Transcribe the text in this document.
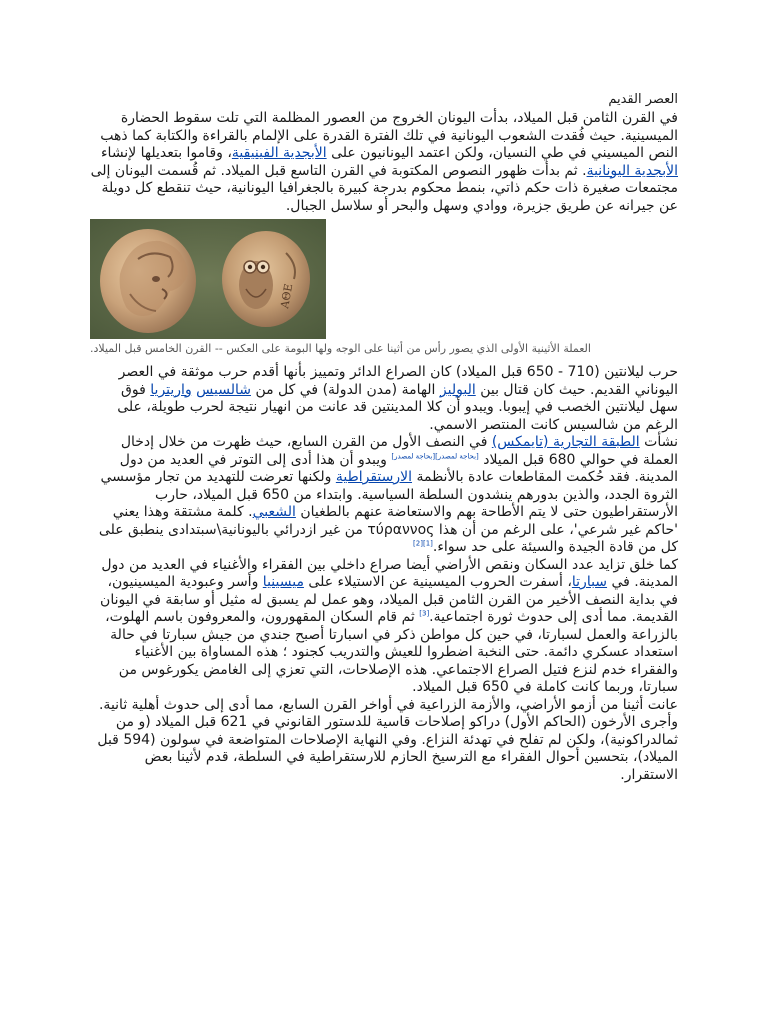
العصر القديم

في القرن الثامن قبل الميلاد، بدأت اليونان الخروج من العصور المظلمة التي تلت سقوط الحضارة الميسينية. حيث فُقدت الشعوب اليونانية في تلك الفترة القدرة على الإلمام بالقراءة والكتابة كما ذهب النص الميسيني في طي النسيان، ولكن اعتمد اليونانيون على الأبجدية الفينيقية، وقاموا بتعديلها لإنشاء الأبجدية اليونانية. ثم بدأت ظهور النصوص المكتوبة في القرن التاسع قبل الميلاد. ثم قُسمت اليونان إلى مجتمعات صغيرة ذات حكم ذاتي، بنمط محكوم بدرجة كبيرة بالجغرافيا اليونانية، حيث تنقطع كل دويلة عن جيرانه عن طريق جزيرة، ووادي وسهل والبحر أو سلاسل الجبال.

ΑΘΕ
العملة الأثينية الأولى الذي يصور رأس من أثينا على الوجه ولها البومة على العكس -- القرن الخامس قبل الميلاد.

حرب ليلانتين (710 - 650 قبل الميلاد) كان الصراع الدائر وتمييز بأنها أقدم حرب موثقة في العصر اليوناني القديم. حيث كان قتال بين البوليز الهامة (مدن الدولة) في كل من شالسيس واريتريا فوق سهل ليلانتين الخصب في إيبوبا. ويبدو أن كلا المدينتين قد عانت من انهيار نتيجة لحرب طويلة، على الرغم من شالسيس كانت المنتصر الاسمي.

نشأت الطبقة التجارية (تايمكس) في النصف الأول من القرن السابع، حيث ظهرت من خلال إدخال العملة في حوالي 680 قبل الميلاد [بحاجة لمصدر][بحاجة لمصدر] ويبدو أن هذا أدى إلى التوتر في العديد من دول المدينة. فقد حُكمت المقاطعات عادة بالأنظمة الارستقراطية ولكنها تعرضت للتهديد من تجار مؤسسي الثروة الجدد، والذين بدورهم ينشدون السلطة السياسية. وابتداء من 650 قبل الميلاد، حارب الأرستقراطيون حتى لا يتم الأطاحة بهم والاستعاضة عنهم بالطغيان الشعبي. كلمة مشتقة وهذا يعني 'حاكم غير شرعي'، على الرغم من أن هذا τύραννος من غير ازدرائي باليونانية\سبتدادى ينطبق على كل من قادة الجيدة والسيئة على حد سواء.[1][2]

كما خلق تزايد عدد السكان ونقص الأراضي أيضا صراع داخلي بين الفقراء والأغنياء في العديد من دول المدينة. في سبارتا، أسفرت الحروب الميسينية عن الاستيلاء على ميسينيا وأسر وعبودية الميسينيون، في بداية النصف الأخير من القرن الثامن قبل الميلاد، وهو عمل لم يسبق له مثيل أو سابقة في اليونان القديمة. مما أدى إلى حدوث ثورة اجتماعية.[3] ثم قام السكان المقهورون، والمعروفون باسم الهلوت، بالزراعة والعمل لسبارتا، في حين كل مواطن ذكر في اسبارتا أصبح جندي من جيش سبارتا في حالة استعداد عسكري دائمة. حتى النخبة اضطروا للعيش والتدريب كجنود ؛ هذه المساواة بين الأغنياء والفقراء خدم لنزع فتيل الصراع الاجتماعي. هذه الإصلاحات، التي تعزي إلى الغامض يكورغوس من سبارتا، وربما كانت كاملة في 650 قبل الميلاد.

عانت أثينا من أزمو الأراضي، والأزمة الزراعية في أواخر القرن السابع، مما أدى إلى حدوث أهلية ثانية. وأجرى الأرخون (الحاكم الأول) دراكو إصلاحات قاسية للدستور القانوني في 621 قبل الميلاد (و من ثمالدراكونية)، ولكن لم تفلح في تهدئة النزاع. وفي النهاية الإصلاحات المتواضعة في سولون (594 قبل الميلاد)، بتحسين أحوال الفقراء مع الترسيخ الحازم للارستقراطية في السلطة، قدم لأثينا بعض الاستقرار.
